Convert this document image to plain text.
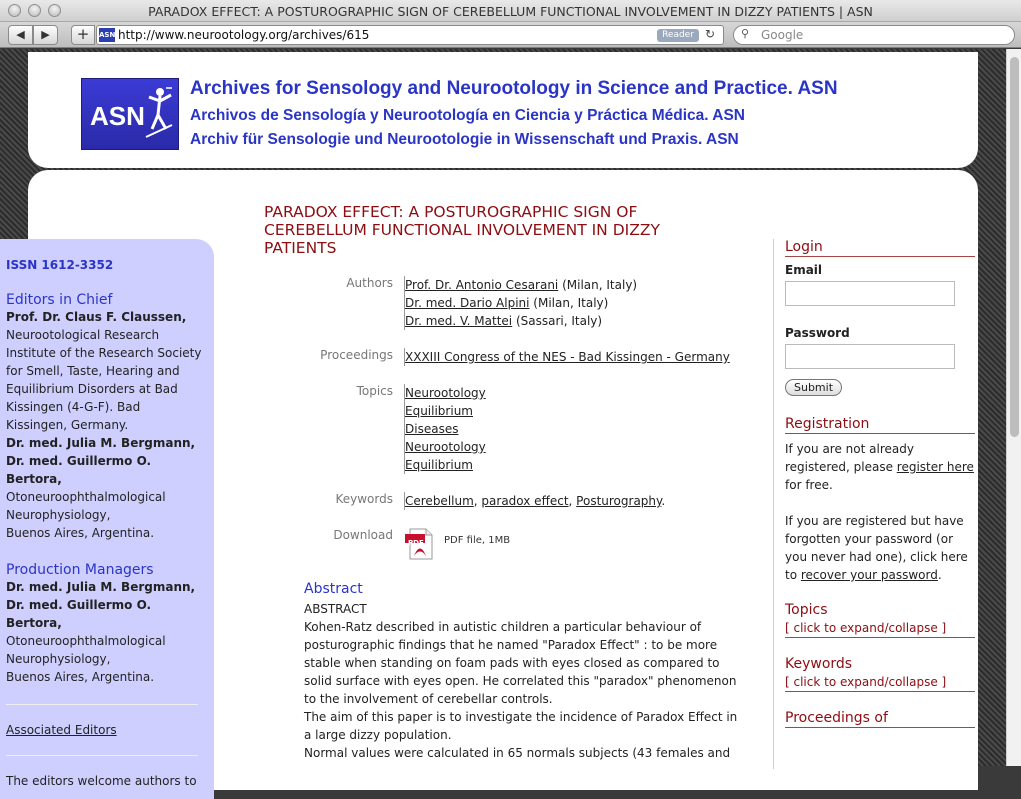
PARADOX EFFECT: A POSTUROGRAPHIC SIGN OF CEREBELLUM FUNCTIONAL INVOLVEMENT IN DIZZY PATIENTS | ASN
◀	▶	+	ASN http://www.neurootology.org/archives/615	Reader ↻ ⚲ Google
ASN
Archives for Sensology and Neurootology in Science and Practice. ASN
Archivos de Sensología y Neurootología en Ciencia y Práctica Médica. ASN
Archiv für Sensologie und Neurootologie in Wissenschaft und Praxis. ASN
ISSN 1612-3352
Editors in Chief
Prof. Dr. Claus F. Claussen, Neurootological Research Institute of the Research Society for Smell, Taste, Hearing and Equilibrium Disorders at Bad Kissingen (4-G-F). Bad Kissingen, Germany.
Dr. med. Julia M. Bergmann,
Dr. med. Guillermo O. Bertora,
Otoneuroophthalmological Neurophysiology,
Buenos Aires, Argentina.
Production Managers
Dr. med. Julia M. Bergmann,
Dr. med. Guillermo O. Bertora,
Otoneuroophthalmological Neurophysiology,
Buenos Aires, Argentina.
Associated Editors
The editors welcome authors to
PARADOX EFFECT: A POSTUROGRAPHIC SIGN OF CEREBELLUM FUNCTIONAL INVOLVEMENT IN DIZZY PATIENTS
Authors Prof. Dr. Antonio Cesarani (Milan, Italy)
Dr. med. Dario Alpini (Milan, Italy)
Dr. med. V. Mattei (Sassari, Italy)
Proceedings XXXIII Congress of the NES - Bad Kissingen - Germany
Topics Neurootology
Equilibrium
Diseases
Neurootology
Equilibrium
Keywords Cerebellum, paradox effect, Posturography.
Download
PDF PDF file, 1MB
Abstract
ABSTRACT
Kohen-Ratz described in autistic children a particular behaviour of posturographic findings that he named "Paradox Effect" : to be more stable when standing on foam pads with eyes closed as compared to solid surface with eyes open. He correlated this "paradox" phenomenon to the involvement of cerebellar controls.
The aim of this paper is to investigate the incidence of Paradox Effect in a large dizzy population.
Normal values were calculated in 65 normals subjects (43 females and
Login
Email
Password
Submit
Registration
If you are not already registered, please register here for free.
If you are registered but have forgotten your password (or you never had one), click here to recover your password.
Topics
[ click to expand/collapse ]
Keywords
[ click to expand/collapse ]
Proceedings of
